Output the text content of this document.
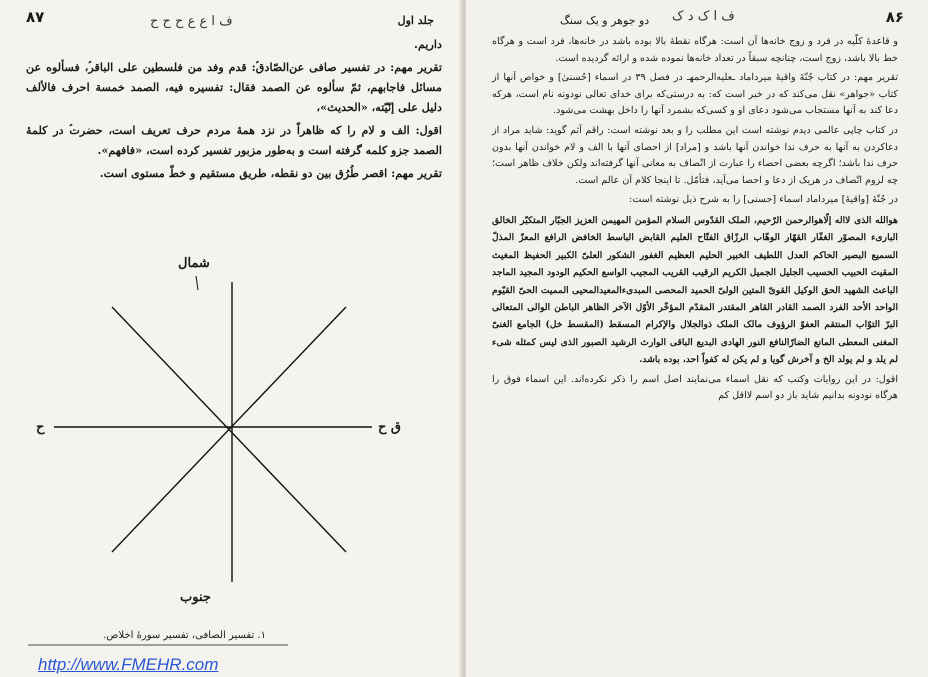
۸۷	ف ا ع ع ح ح ح	جلد اول

داریم.

تقریر مهم: در تفسیر صافی عن‌الصّادق‌ؑ: قدم وفد من فلسطین علی الباقر‌ؑ، فسألوه عن مسائل فاجابهم، ثمّ سألوه عن الصمد فقال: تفسیره فیه، الصمد خمسة احرف فالألف دلیل علی إنّیّته، «الحدیث»،

اقول: الف و لام را که ظاهراً در نزد همهٔ مردم حرف تعریف است، حضرت‌ؑ در کلمهٔ الصمد جزو کلمه گرفته است و به‌طور مزبور تفسیر کرده است، «فافهم».

تقریر مهم: اقصر طُرُق بین دو نقطه، طریق مستقیم و خطّ مستوی است.

شمال
جنوب
ق ح
ح
۱. تفسیر الصافی، تفسیر سورهٔ اخلاص.
http://www.FMEHR.com
۸۶
دو جوهر و یک سنگ ف ا ک د ک

و قاعدهٔ کلّیه در فرد و زوج خانه‌ها آن است: هرگاه نقطهٔ بالا بوده باشد در خانه‌ها، فرد است و هرگاه خط بالا باشد، زوج است، چنانچه سبقاً در تعداد خانه‌ها نموده شده و ارائه گردیده است.

تقریر مهم: در کتاب جُنّهٔ واقیهٔ میرداماد ـعلیه‌الرحمهـ در فصل ۳۹ در اسماء [حُسنیٰ] و خواص آنها از کتاب «جواهر» نقل می‌کند که در خبر است که: به درستی‌که برای خدای تعالی نودونه نام است، هرکه دعا کند به آنها مستجاب می‌شود دعای او و کسی‌که بشمرد آنها را داخل بهشت می‌شود.

در کتاب چاپی عالمی دیدم نوشته است این مطلب را و بعد نوشته است: راقم آثم گوید: شاید مراد از دعاکردن به آنها به حرف ندا خواندن آنها باشد و [مراد] از احصای آنها با الف و لام خواندن آنها بدون حرف ندا باشد؛ اگرچه بعضی احصاء را عبارت از اتّصاف به معانی آنها گرفته‌اند ولکن خلاف ظاهر است؛ چه لزوم اتّصاف در هریک از دعا و احصا می‌آید، فتأمّل. تا اینجا کلام آن عالم است.

در جُنّهٔ [واقیهٔ] میرداماد اسماء [حسنی] را به شرح ذیل نوشته است:

هوالله الذی لااله إلّاهوالرحمن الرّحیم، الملک القدّوس السلام المؤمن المهیمن العزیز الجبّار المتکبّر الخالق البارىء المصوّر الغفّار القهّار الوهّاب الرزّاق الفتّاح العلیم القابض الباسط الخافض الرافع المعزّ المذلّ السمیع البصیر الحاکم العدل اللطیف الخبیر الحلیم العظیم الغفور الشکور العلیّ الکبیر الحفیظ المغیث المقیت الحبیب الحسیب الجلیل الجمیل الکریم الرقیب القریب المجیب الواسع الحکیم الودود المجید الماجد الباعث الشهید الحق الوکیل القویّ المتین الولیّ الحمید المحصی المبدیءالمعیدالمحیی الممیت الحیّ القیّوم الواحد الأحد الفرد الصمد القادر القاهر المقتدر المقدّم المؤخّر الأوّل الآخر الظاهر الباطن الوالی المتعالی البرّ التوّاب المنتقم العفوّ الرؤوف مالک الملک ذوالجلال والإکرام المسقط (المقسط خل) الجامع الغنیّ المغنی المعطی المانع الضارّالنافع النور الهادی البدیع الباقی الوارث الرشید الصبور الذی لیس کمثله شیء لم یلد و لم یولد الخ و آخرش گویا و لم یکن له کفواً احد، بوده باشد.

اقول: در این روایات وکتب که نقل اسماء می‌نمایند اصل اسم را ذکر نکرده‌اند. این اسماء فوق را هرگاه نودونه بدانیم شاید باز دو اسم لااقل کم
